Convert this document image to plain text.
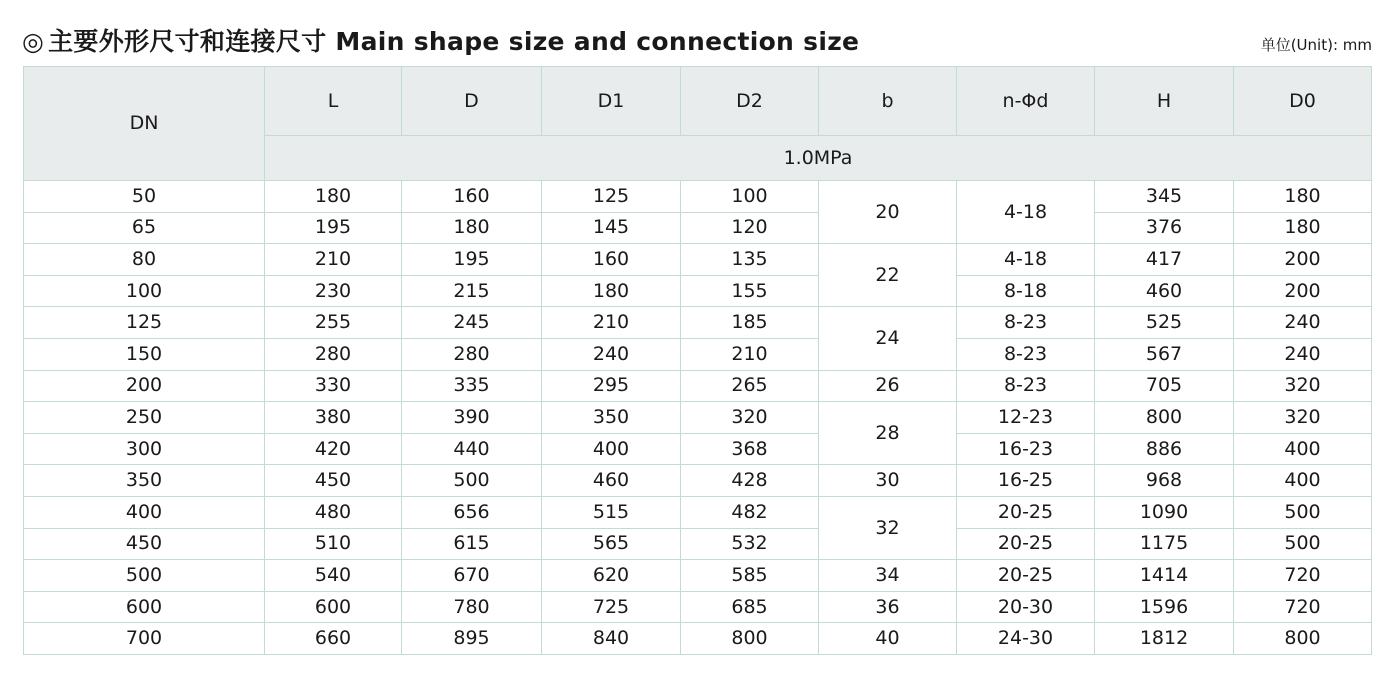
◎ 主要外形尺寸和连接尺寸 Main shape size and connection size	单位(Unit): mm
DN	L	D	D1	D2	b	n-Φd	H	D0
	1.0MPa							
50	180	160	125	100	20	4-18	345	180
65	195	180	145	120			376	180
80	210	195	160	135	22	4-18	417	200
100	230	215	180	155		8-18	460	200
125	255	245	210	185	24	8-23	525	240
150	280	280	240	210		8-23	567	240
200	330	335	295	265	26	8-23	705	320
250	380	390	350	320	28	12-23	800	320
300	420	440	400	368		16-23	886	400
350	450	500	460	428	30	16-25	968	400
400	480	656	515	482	32	20-25	1090	500
450	510	615	565	532		20-25	1175	500
500	540	670	620	585	34	20-25	1414	720
600	600	780	725	685	36	20-30	1596	720
700	660	895	840	800	40	24-30	1812	800
